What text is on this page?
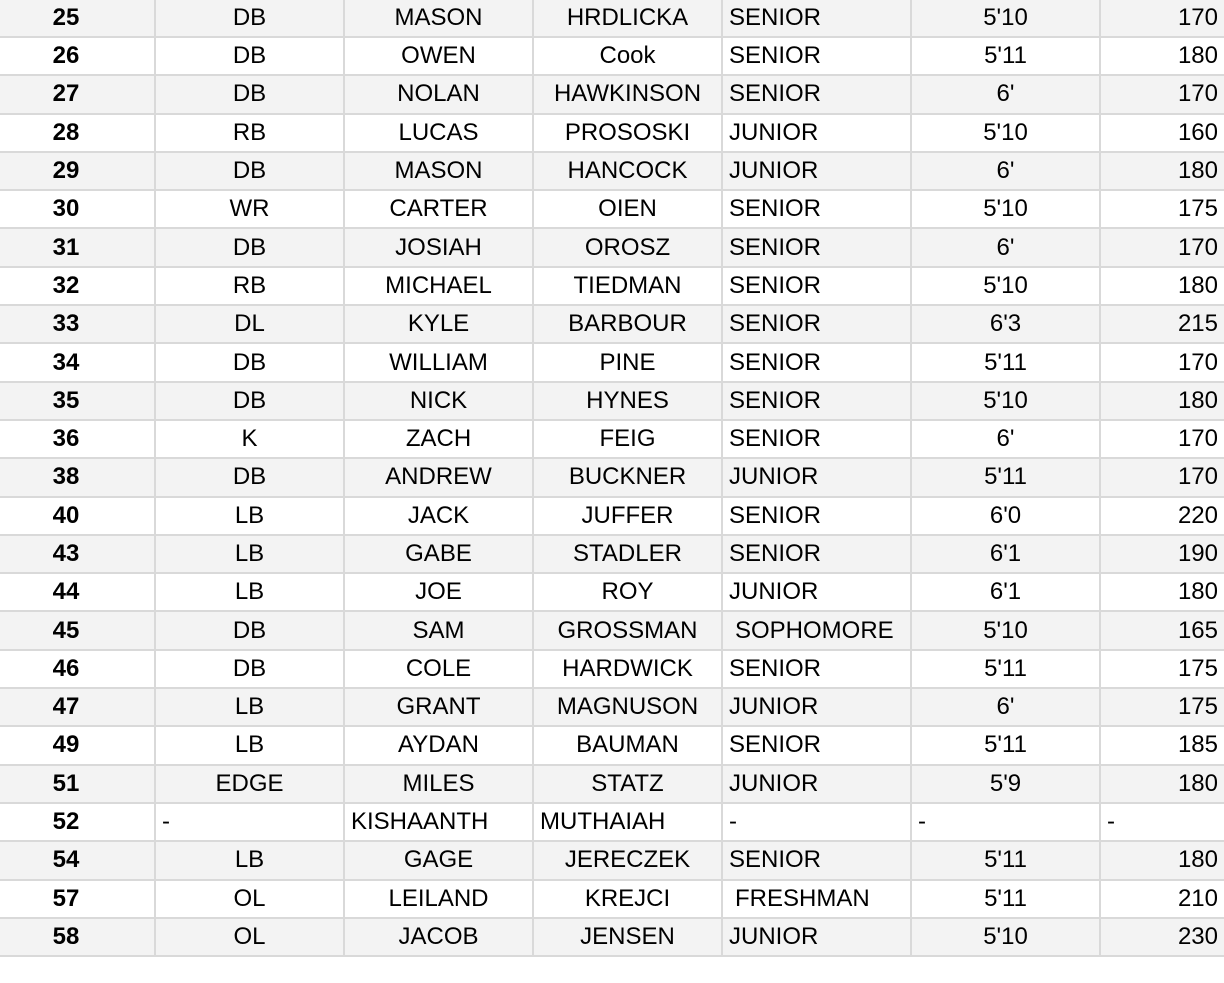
25	DB	MASON	HRDLICKA	SENIOR	5'10	170
26	DB	OWEN	Cook	SENIOR	5'11	180
27	DB	NOLAN	HAWKINSON	SENIOR	6'	170
28	RB	LUCAS	PROSOSKI	JUNIOR	5'10	160
29	DB	MASON	HANCOCK	JUNIOR	6'	180
30	WR	CARTER	OIEN	SENIOR	5'10	175
31	DB	JOSIAH	OROSZ	SENIOR	6'	170
32	RB	MICHAEL	TIEDMAN	SENIOR	5'10	180
33	DL	KYLE	BARBOUR	SENIOR	6'3	215
34	DB	WILLIAM	PINE	SENIOR	5'11	170
35	DB	NICK	HYNES	SENIOR	5'10	180
36	K	ZACH	FEIG	SENIOR	6'	170
38	DB	ANDREW	BUCKNER	JUNIOR	5'11	170
40	LB	JACK	JUFFER	SENIOR	6'0	220
43	LB	GABE	STADLER	SENIOR	6'1	190
44	LB	JOE	ROY	JUNIOR	6'1	180
45	DB	SAM	GROSSMAN	SOPHOMORE	5'10	165
46	DB	COLE	HARDWICK	SENIOR	5'11	175
47	LB	GRANT	MAGNUSON	JUNIOR	6'	175
49	LB	AYDAN	BAUMAN	SENIOR	5'11	185
51	EDGE	MILES	STATZ	JUNIOR	5'9	180
52	-	KISHAANTH	MUTHAIAH	-	-	-
54	LB	GAGE	JERECZEK	SENIOR	5'11	180
57	OL	LEILAND	KREJCI	FRESHMAN	5'11	210
58	OL	JACOB	JENSEN	JUNIOR	5'10	230
